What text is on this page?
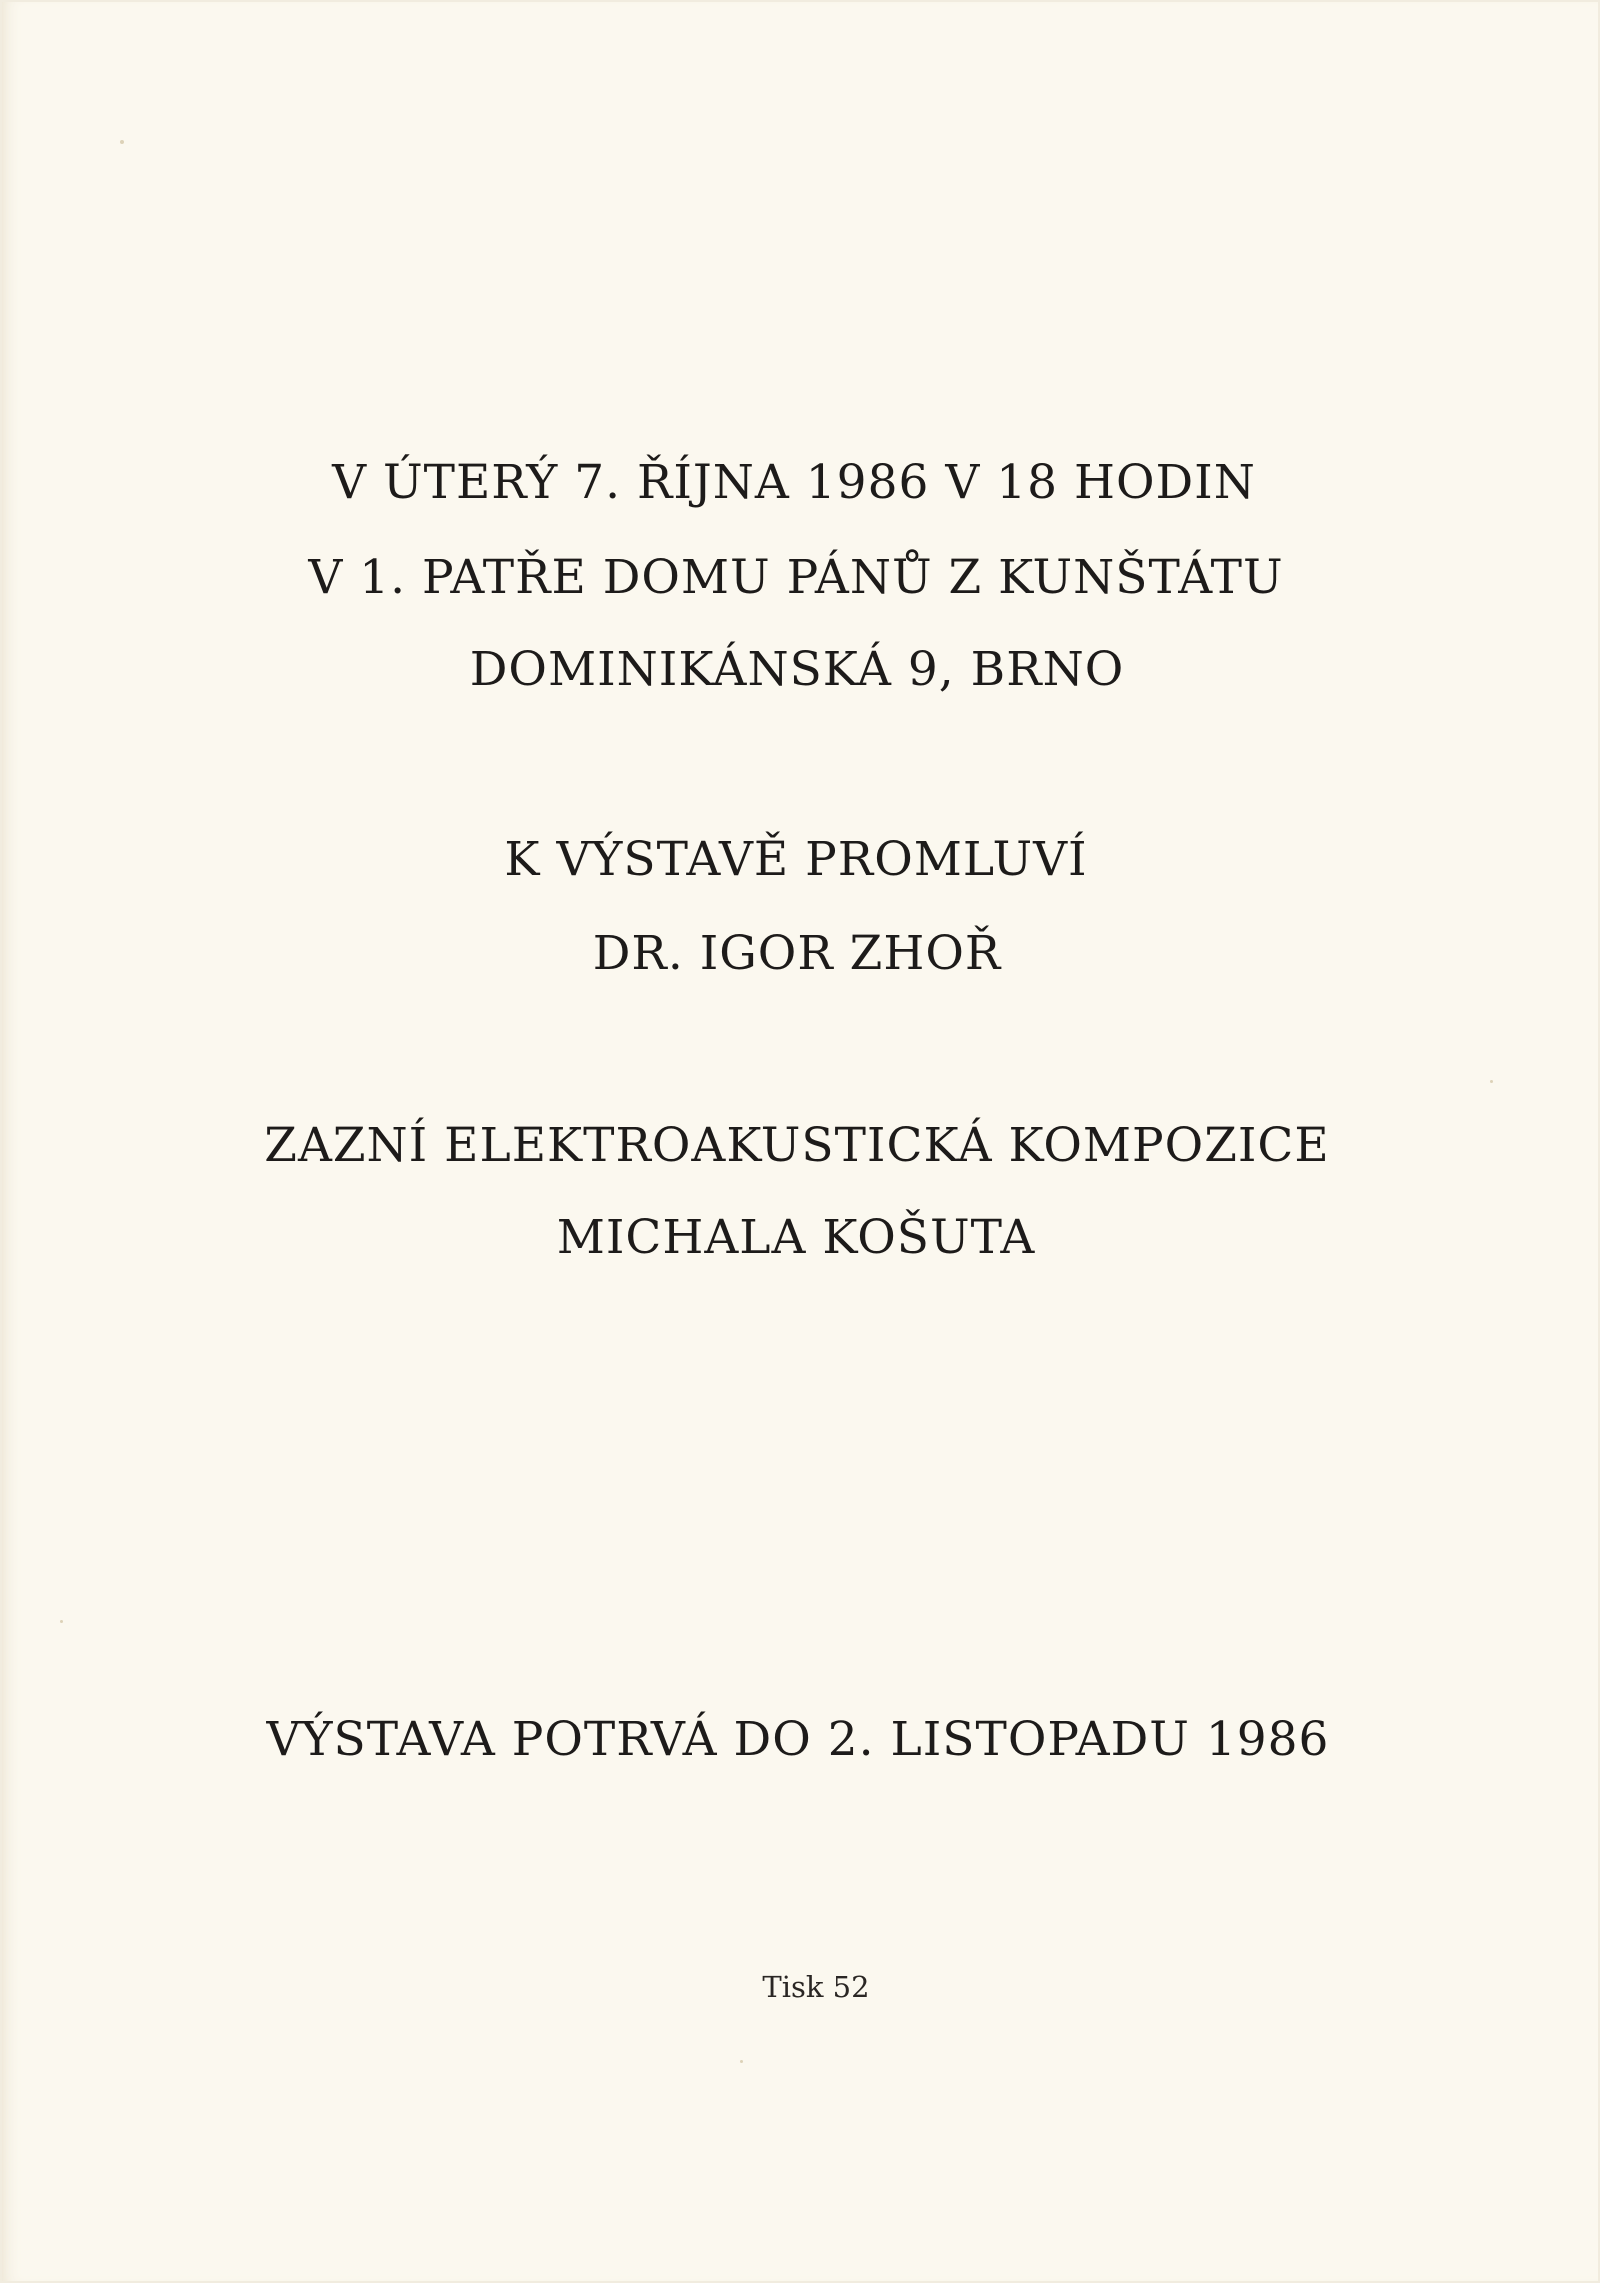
V ÚTERÝ 7. ŘÍJNA 1986 V 18 HODIN
V 1. PATŘE DOMU PÁNŮ Z KUNŠTÁTU
DOMINIKÁNSKÁ 9, BRNO
K VÝSTAVĚ PROMLUVÍ
DR. IGOR ZHOŘ
ZAZNÍ ELEKTROAKUSTICKÁ KOMPOZICE
MICHALA KOŠUTA
VÝSTAVA POTRVÁ DO 2. LISTOPADU 1986
Tisk 52
